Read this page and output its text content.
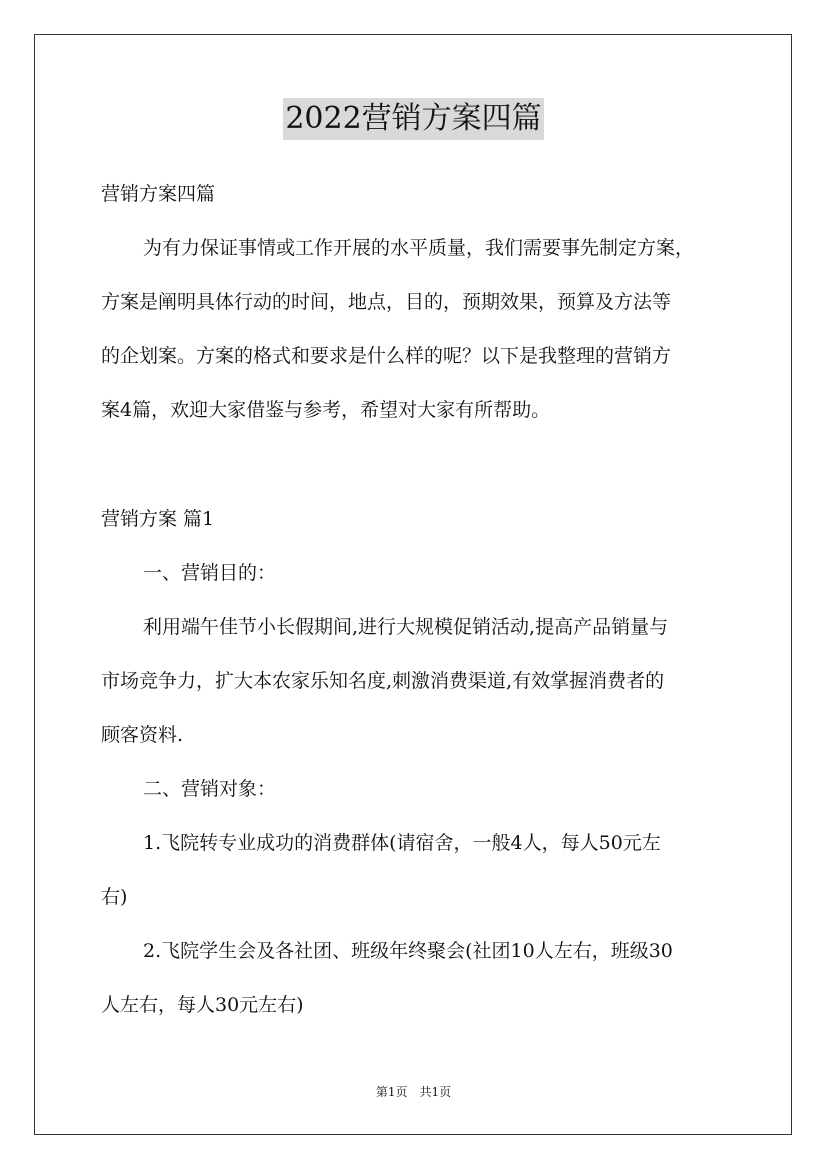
2022营销方案四篇
营销方案四篇
为有力保证事情或工作开展的水平质量，我们需要事先制定方案，
方案是阐明具体行动的时间，地点，目的，预期效果，预算及方法等
的企划案。方案的格式和要求是什么样的呢？以下是我整理的营销方
案4篇，欢迎大家借鉴与参考，希望对大家有所帮助。
营销方案 篇1
一、营销目的：
利用端午佳节小长假期间,进行大规模促销活动,提高产品销量与
市场竞争力，扩大本农家乐知名度,刺激消费渠道,有效掌握消费者的
顾客资料.
二、营销对象：
1.飞院转专业成功的消费群体(请宿舍，一般4人，每人50元左
右)
2.飞院学生会及各社团、班级年终聚会(社团10人左右，班级30
人左右，每人30元左右)
第1页　共1页
